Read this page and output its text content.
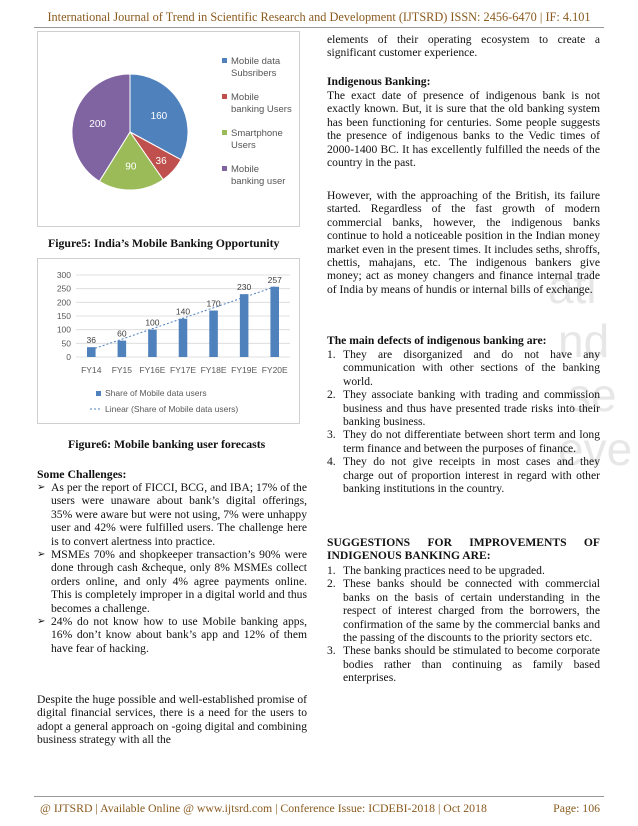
International Journal of Trend in Scientific Research and Development (IJTSRD) ISSN: 2456-6470 | IF: 4.101
ati
nd
se
eve
160
36
90
200
Mobile data
Subsribers
Mobile
banking Users
Smartphone
Users
Mobile
banking user
Figure5: India’s Mobile Banking Opportunity
0
50
100
150
200
250
300
36
FY14
60
FY15
100
FY16E
140
FY17E
170
FY18E
230
FY19E
257
FY20E
Share of Mobile data users
Linear (Share of Mobile data users)
Figure6: Mobile banking user forecasts
Some Challenges:
➢ As per the report of FICCI, BCG, and IBA; 17% of the users were unaware about bank’s digital offerings, 35% were aware but were not using, 7% were unhappy user and 42% were fulfilled users. The challenge here is to convert alertness into practice.
➢ MSMEs 70% and shopkeeper transaction’s 90% were done through cash &cheque, only 8% MSMEs collect orders online, and only 4% agree payments online. This is completely improper in a digital world and thus becomes a challenge.
➢ 24% do not know how to use Mobile banking apps, 16% don’t know about bank’s app and 12% of them have fear of hacking.

Despite the huge possible and well-established promise of digital financial services, there is a need for the users to adopt a general approach on -going digital and combining business strategy with all the

elements of their operating ecosystem to create a significant customer experience.

Indigenous Banking:

The exact date of presence of indigenous bank is not exactly known. But, it is sure that the old banking system has been functioning for centuries. Some people suggests the presence of indigenous banks to the Vedic times of 2000-1400 BC. It has excellently fulfilled the needs of the country in the past.

However, with the approaching of the British, its failure started. Regardless of the fast growth of modern commercial banks, however, the indigenous banks continue to hold a noticeable position in the Indian money market even in the present times. It includes seths, shroffs, chettis, mahajans, etc. The indigenous bankers give money; act as money changers and finance internal trade of India by means of hundis or internal bills of exchange.

The main defects of indigenous banking are:
1. They are disorganized and do not have any communication with other sections of the banking world.
2. They associate banking with trading and commission business and thus have presented trade risks into their banking business.
3. They do not differentiate between short term and long term finance and between the purposes of finance.
4. They do not give receipts in most cases and they charge out of proportion interest in regard with other banking institutions in the country.
SUGGESTIONS FOR IMPROVEMENTS OF INDIGENOUS BANKING ARE:
1. The banking practices need to be upgraded.
2. These banks should be connected with commercial banks on the basis of certain understanding in the respect of interest charged from the borrowers, the confirmation of the same by the commercial banks and the passing of the discounts to the priority sectors etc.
3. These banks should be stimulated to become corporate bodies rather than continuing as family based enterprises.
@ IJTSRD | Available Online @ www.ijtsrd.com | Conference Issue: ICDEBI-2018 | Oct 2018	Page: 106
